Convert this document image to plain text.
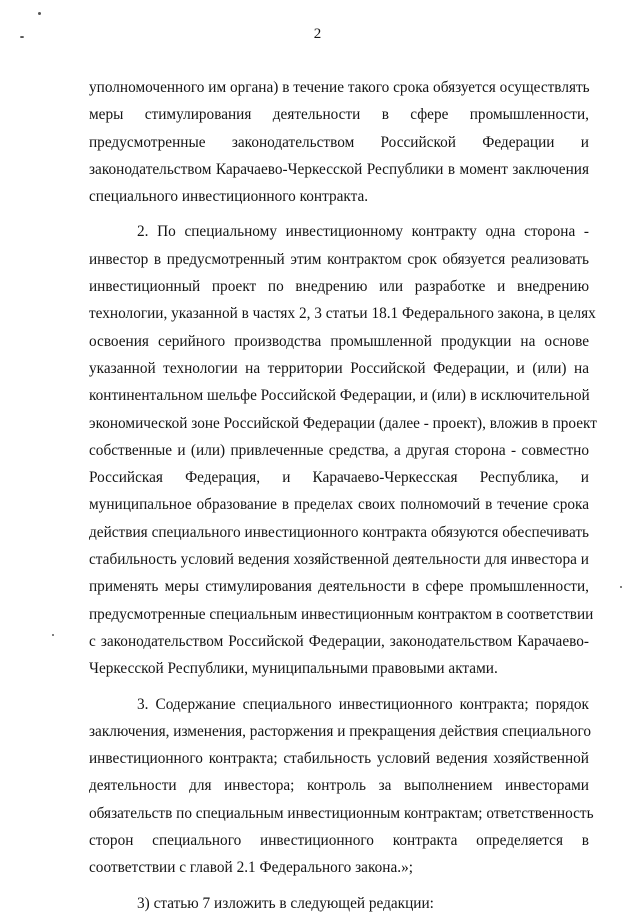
2
уполномоченного им органа) в течение такого срока обязуется осуществлять
меры стимулирования деятельности в сфере промышленности,
предусмотренные законодательством Российской Федерации и
законодательством Карачаево-Черкесской Республики в момент заключения
специального инвестиционного контракта.
2. По специальному инвестиционному контракту одна сторона -
инвестор в предусмотренный этим контрактом срок обязуется реализовать
инвестиционный проект по внедрению или разработке и внедрению
технологии, указанной в частях 2, 3 статьи 18.1 Федерального закона, в целях
освоения серийного производства промышленной продукции на основе
указанной технологии на территории Российской Федерации, и (или) на
континентальном шельфе Российской Федерации, и (или) в исключительной
экономической зоне Российской Федерации (далее - проект), вложив в проект
собственные и (или) привлеченные средства, а другая сторона - совместно
Российская Федерация, и Карачаево-Черкесская Республика, и
муниципальное образование в пределах своих полномочий в течение срока
действия специального инвестиционного контракта обязуются обеспечивать
стабильность условий ведения хозяйственной деятельности для инвестора и
применять меры стимулирования деятельности в сфере промышленности,
предусмотренные специальным инвестиционным контрактом в соответствии
с законодательством Российской Федерации, законодательством Карачаево-
Черкесской Республики, муниципальными правовыми актами.
3. Содержание специального инвестиционного контракта; порядок
заключения, изменения, расторжения и прекращения действия специального
инвестиционного контракта; стабильность условий ведения хозяйственной
деятельности для инвестора; контроль за выполнением инвесторами
обязательств по специальным инвестиционным контрактам; ответственность
сторон специального инвестиционного контракта определяется в
соответствии с главой 2.1 Федерального закона.»;
3) статью 7 изложить в следующей редакции:
